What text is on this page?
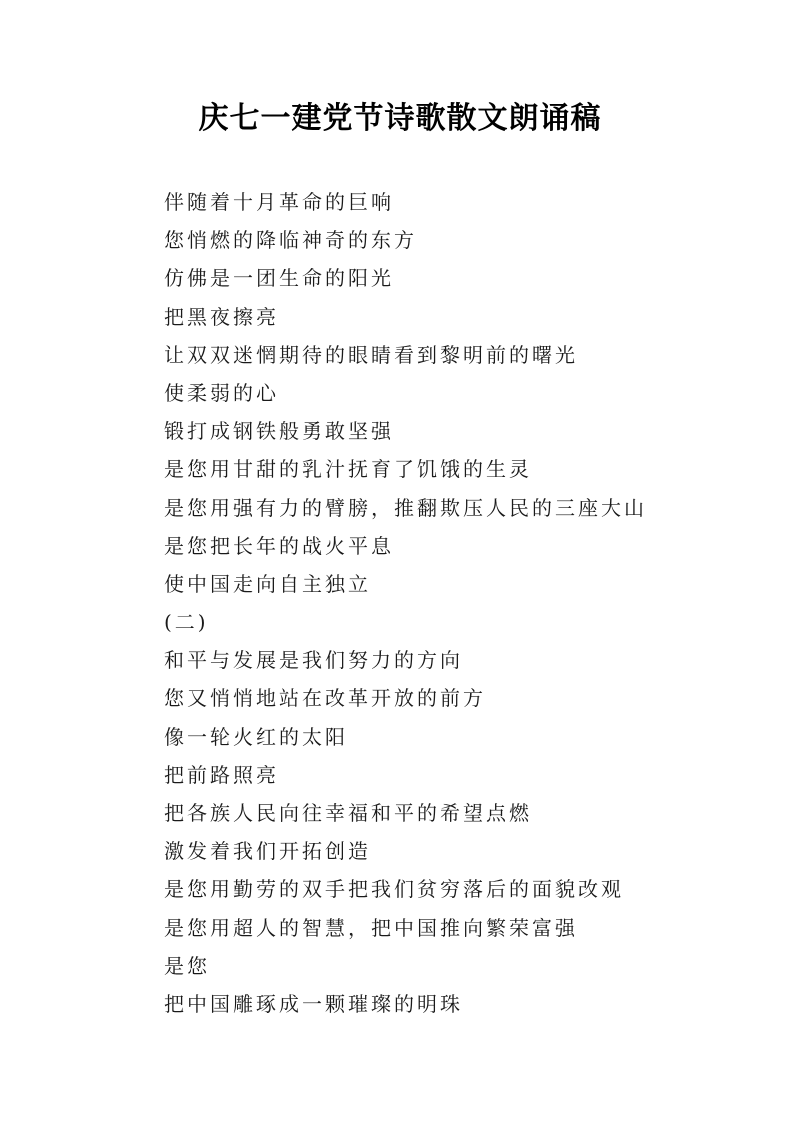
庆七一建党节诗歌散文朗诵稿
伴随着十月革命的巨响
您悄燃的降临神奇的东方
仿佛是一团生命的阳光
把黑夜擦亮
让双双迷惘期待的眼睛看到黎明前的曙光
使柔弱的心
锻打成钢铁般勇敢坚强
是您用甘甜的乳汁抚育了饥饿的生灵
是您用强有力的臂膀，推翻欺压人民的三座大山
是您把长年的战火平息
使中国走向自主独立
(二)
和平与发展是我们努力的方向
您又悄悄地站在改革开放的前方
像一轮火红的太阳
把前路照亮
把各族人民向往幸福和平的希望点燃
激发着我们开拓创造
是您用勤劳的双手把我们贫穷落后的面貌改观
是您用超人的智慧，把中国推向繁荣富强
是您
把中国雕琢成一颗璀璨的明珠
